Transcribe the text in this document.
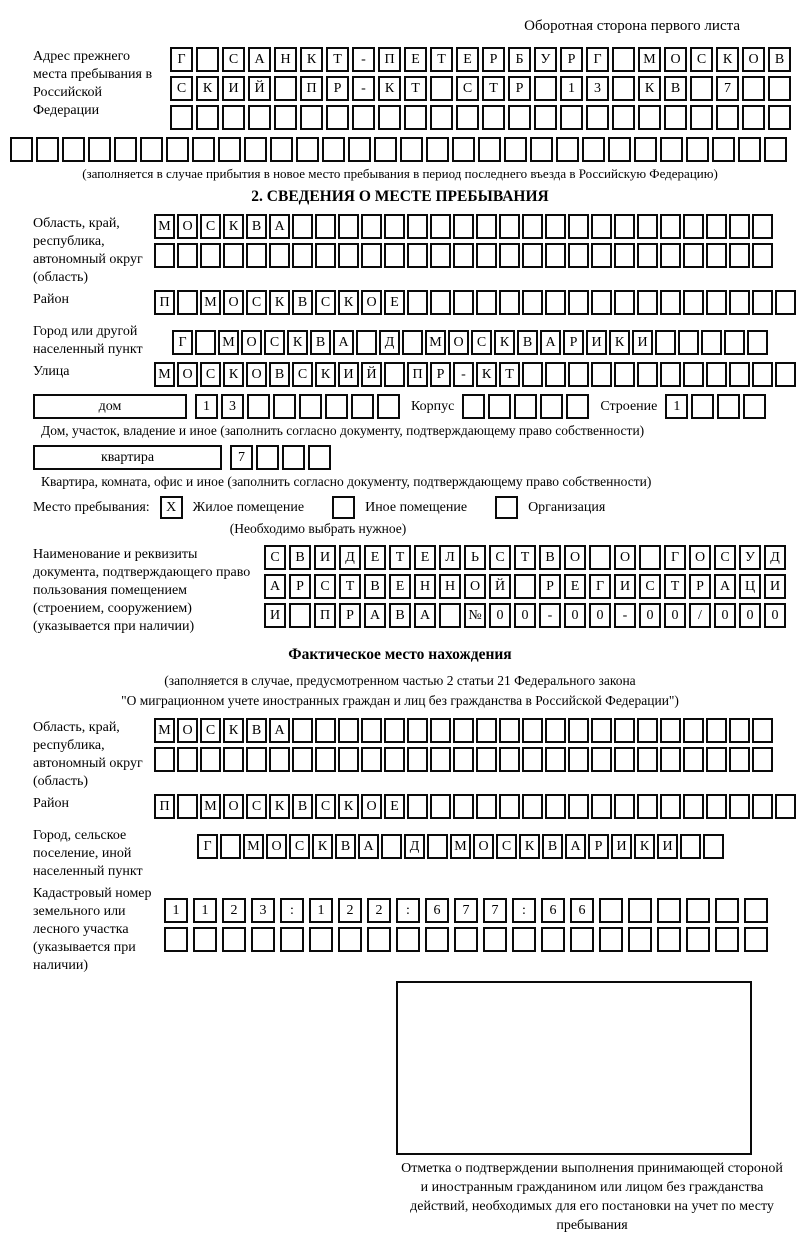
Оборотная сторона первого листа
Адрес прежнего места пребывания в Российской Федерации
Г	С	А	Н	К	Т	-	П	Е	Т	Е	Р	Б	У	Р	Г	М	О	С	К	О	В
С	К	И	Й	П	Р	-	К	Т	С	Т	Р	1	3	К	В	7
(заполняется в случае прибытия в новое место пребывания в период последнего въезда в Российскую Федерацию)
2. СВЕДЕНИЯ О МЕСТЕ ПРЕБЫВАНИЯ
Область, край, республика, автономный округ (область)
М О С К В А
Район	П	М О С К В С К О Е
Город или другой населенный пункт	Г	М О С К В А	Д	М О С К В А	Р	И К И
Улица	М О С К О В С К И Й	П	Р	-	К	Т
дом	1	3	Корпус	Строение	1
Дом, участок, владение и иное (заполнить согласно документу, подтверждающему право собственности)
квартира	7
Квартира, комната, офис и иное (заполнить согласно документу, подтверждающему право собственности)
Место пребывания:	X	Жилое помещение	Иное помещение	Организация
(Необходимо выбрать нужное)
Наименование и реквизиты документа, подтверждающего право пользования помещением (строением, сооружением) (указывается при наличии)
С	В	И	Д	Е	Т	Е	Л	Ь	С	Т	В	О	О	Г	О	С	У	Д
А	Р	С	Т	В	Е	Н	Н	О	Й	Р	Е	Г	И	С	Т	Р	А	Ц	И
И	П	Р	А	В	А	№	0	0	-	0	0	-	0	0	/	0	0	0
Фактическое место нахождения
(заполняется в случае, предусмотренном частью 2 статьи 21 Федерального закона
"О миграционном учете иностранных граждан и лиц без гражданства в Российской Федерации")
Область, край, республика, автономный округ (область)
М О С К В А
Район	П	М О С К В С К О Е
Город, сельское поселение, иной населенный пункт
Г	М О С К В А	Д	М О С К В А	Р	И К И
Кадастровый номер земельного или лесного участка (указывается при наличии)
1	1	2	3	:	1	2	2	:	6	7	7	:	6	6
Отметка о подтверждении выполнения принимающей стороной и иностранным гражданином или лицом без гражданства действий, необходимых для его постановки на учет по месту пребывания
